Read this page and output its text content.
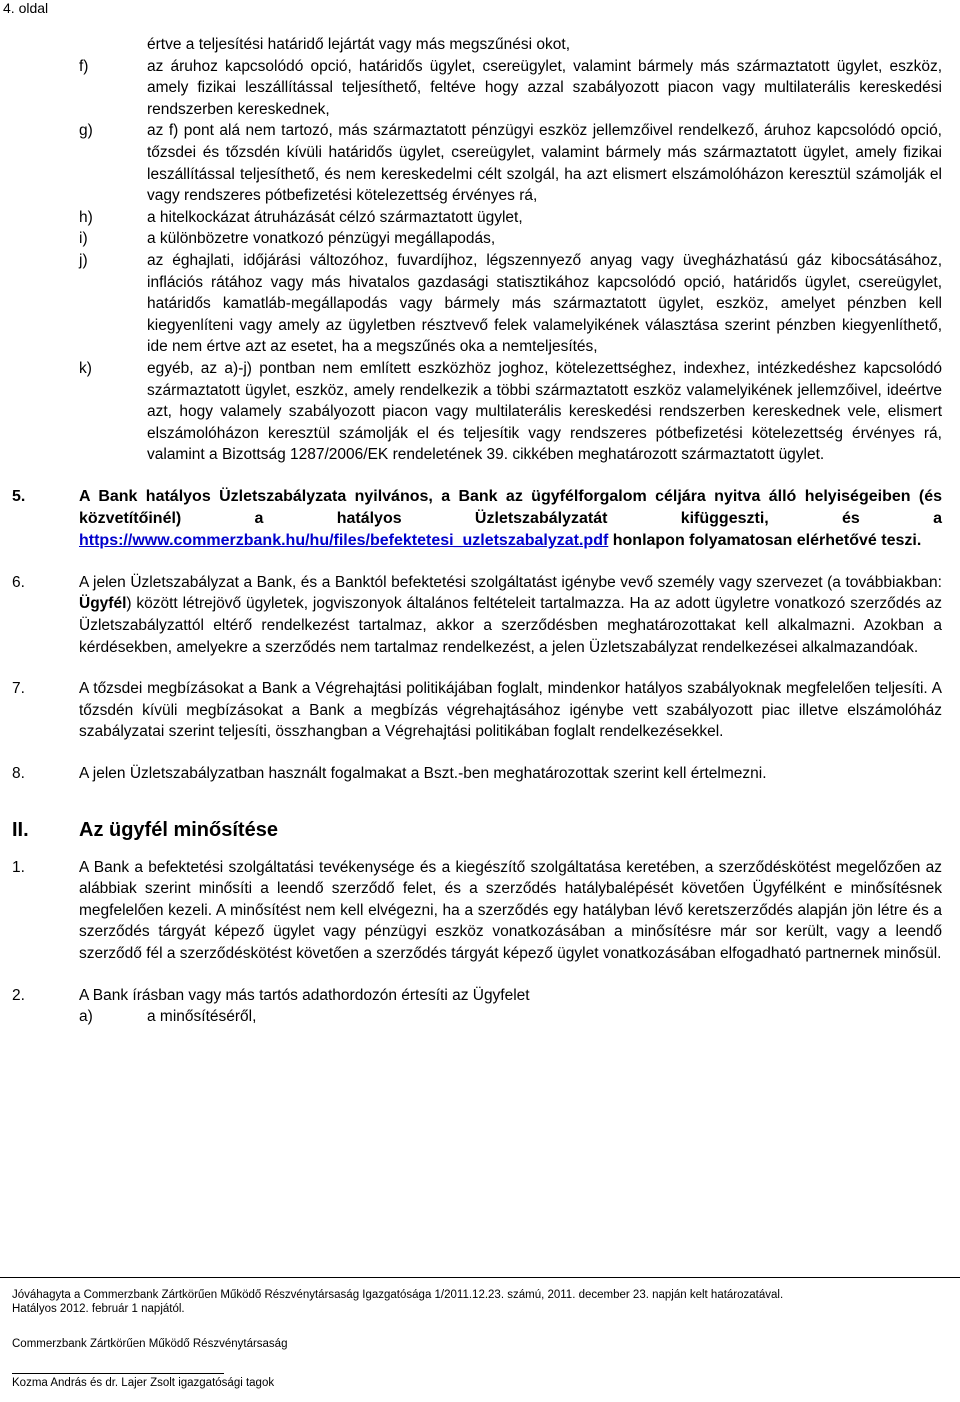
4. oldal
értve a teljesítési határidő lejártát vagy más megszűnési okot,
f)	az áruhoz kapcsolódó opció, határidős ügylet, csereügylet, valamint bármely más származtatott ügylet, eszköz, amely fizikai leszállítással teljesíthető, feltéve hogy azzal szabályozott piacon vagy multilaterális kereskedési rendszerben kereskednek,
g)	az f) pont alá nem tartozó, más származtatott pénzügyi eszköz jellemzőivel rendelkező, áruhoz kapcsolódó opció, tőzsdei és tőzsdén kívüli határidős ügylet, csereügylet, valamint bármely más származtatott ügylet, amely fizikai leszállítással teljesíthető, és nem kereskedelmi célt szolgál, ha azt elismert elszámolóházon keresztül számolják el vagy rendszeres pótbefizetési kötelezettség érvényes rá,
h)	a hitelkockázat átruházását célzó származtatott ügylet,
i)	a különbözetre vonatkozó pénzügyi megállapodás,
j)	az éghajlati, időjárási változóhoz, fuvardíjhoz, légszennyező anyag vagy üvegházhatású gáz kibocsátásához, inflációs rátához vagy más hivatalos gazdasági statisztikához kapcsolódó opció, határidős ügylet, csereügylet, határidős kamatláb-megállapodás vagy bármely más származtatott ügylet, eszköz, amelyet pénzben kell kiegyenlíteni vagy amely az ügyletben résztvevő felek valamelyikének választása szerint pénzben kiegyenlíthető, ide nem értve azt az esetet, ha a megszűnés oka a nemteljesítés,
k)	egyéb, az a)-j) pontban nem említett eszközhöz joghoz, kötelezettséghez, indexhez, intézkedéshez kapcsolódó származtatott ügylet, eszköz, amely rendelkezik a többi származtatott eszköz valamelyikének jellemzőivel, ideértve azt, hogy valamely szabályozott piacon vagy multilaterális kereskedési rendszerben kereskednek vele, elismert elszámolóházon keresztül számolják el és teljesítik vagy rendszeres pótbefizetési kötelezettség érvényes rá, valamint a Bizottság 1287/2006/EK rendeletének 39. cikkében meghatározott származtatott ügylet.
5.	A Bank hatályos Üzletszabályzata nyilvános, a Bank az ügyfélforgalom céljára nyitva álló helyiségeiben (és közvetítőinél) a hatályos Üzletszabályzatát kifüggeszti, és a https://www.commerzbank.hu/hu/files/befektetesi_uzletszabalyzat.pdf honlapon folyamatosan elérhetővé teszi.
6.	A jelen Üzletszabályzat a Bank, és a Banktól befektetési szolgáltatást igénybe vevő személy vagy szervezet (a továbbiakban: Ügyfél) között létrejövő ügyletek, jogviszonyok általános feltételeit tartalmazza. Ha az adott ügyletre vonatkozó szerződés az Üzletszabályzattól eltérő rendelkezést tartalmaz, akkor a szerződésben meghatározottakat kell alkalmazni. Azokban a kérdésekben, amelyekre a szerződés nem tartalmaz rendelkezést, a jelen Üzletszabályzat rendelkezései alkalmazandóak.
7.	A tőzsdei megbízásokat a Bank a Végrehajtási politikájában foglalt, mindenkor hatályos szabályoknak megfelelően teljesíti. A tőzsdén kívüli megbízásokat a Bank a megbízás végrehajtásához igénybe vett szabályozott piac illetve elszámolóház szabályzatai szerint teljesíti, összhangban a Végrehajtási politikában foglalt rendelkezésekkel.
8.	A jelen Üzletszabályzatban használt fogalmakat a Bszt.-ben meghatározottak szerint kell értelmezni.
II.	Az ügyfél minősítése
1.	A Bank a befektetési szolgáltatási tevékenysége és a kiegészítő szolgáltatása keretében, a szerződéskötést megelőzően az alábbiak szerint minősíti a leendő szerződő felet, és a szerződés hatálybalépését követően Ügyfélként e minősítésnek megfelelően kezeli. A minősítést nem kell elvégezni, ha a szerződés egy hatályban lévő keretszerződés alapján jön létre és a szerződés tárgyát képező ügylet vagy pénzügyi eszköz vonatkozásában a minősítésre már sor került, vagy a leendő szerződő fél a szerződéskötést követően a szerződés tárgyát képező ügylet vonatkozásában elfogadható partnernek minősül.
2.	A Bank írásban vagy más tartós adathordozón értesíti az Ügyfelet
a)	a minősítéséről,
Jóváhagyta a Commerzbank Zártkörűen Működő Részvénytársaság Igazgatósága 1/2011.12.23. számú, 2011. december 23. napján kelt határozatával.
Hatályos 2012. február 1 napjától.
Commerzbank Zártkörűen Működő Részvénytársaság
Kozma András és dr. Lajer Zsolt igazgatósági tagok
